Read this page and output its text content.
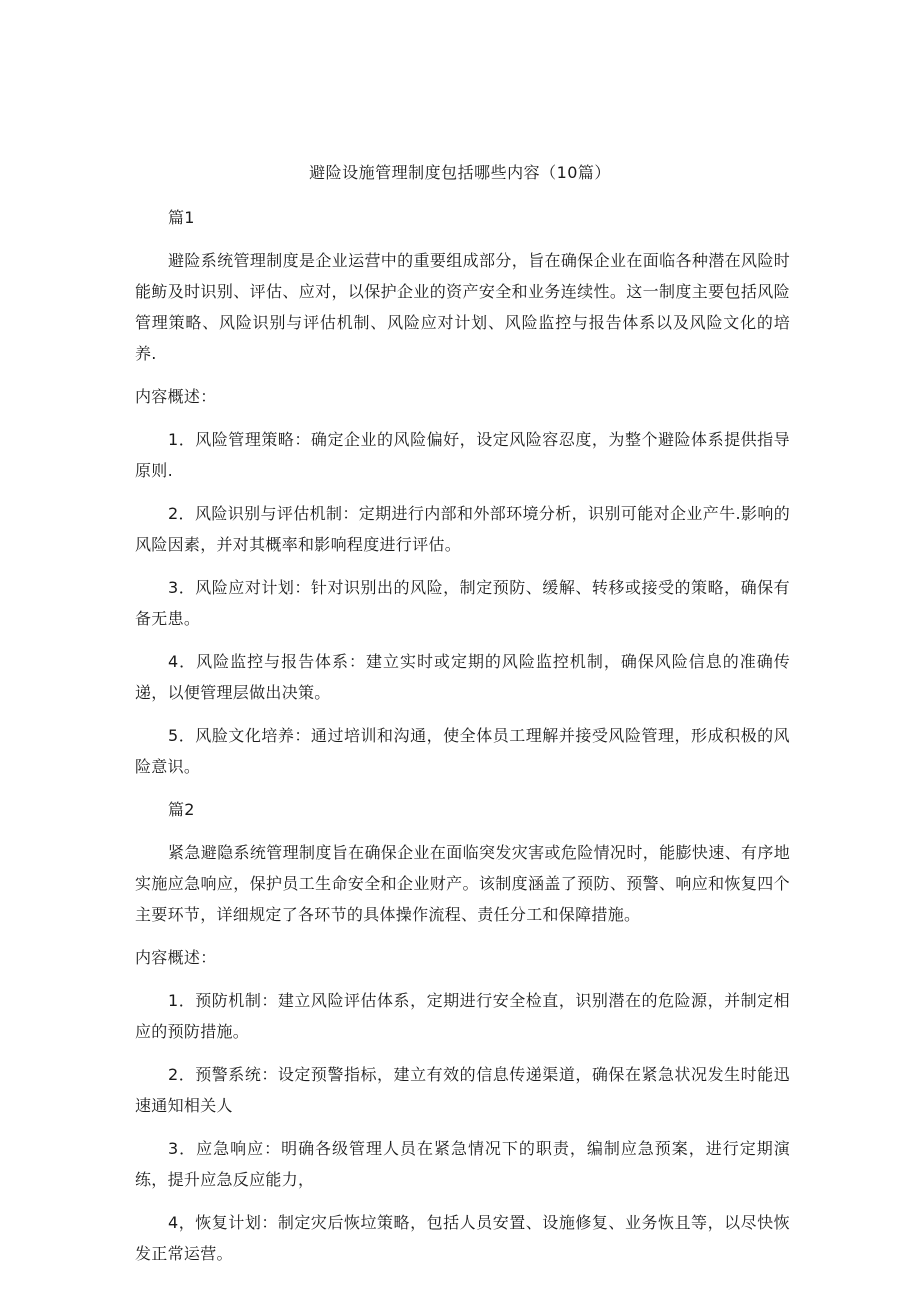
避险设施管理制度包括哪些内容（10篇）
篇1

避险系统管理制度是企业运营中的重要组成部分，旨在确保企业在面临各种潜在风险时能鲂及时识别、评估、应对，以保护企业的资产安全和业务连续性。这一制度主要包括风险管理策略、风险识别与评估机制、风险应对计划、风险监控与报告体系以及风险文化的培养.

内容概述：

1．风险管理策略：确定企业的风险偏好，设定风险容忍度，为整个避险体系提供指导原则.

2．风险识别与评估机制：定期进行内部和外部环境分析，识别可能对企业产牛.影响的风险因素，并对其概率和影响程度进行评估。

3．风险应对计划：针对识别出的风险，制定预防、缓解、转移或接受的策略，确保有备无患。

4．风险监控与报告体系：建立实时或定期的风险监控机制，确保风险信息的准确传递，以便管理层做出决策。

5．风脸文化培养：通过培训和沟通，使全体员工理解并接受风险管理，形成积极的风险意识。

篇2

紧急避隐系统管理制度旨在确保企业在面临突发灾害或危险情况时，能膨快速、有序地实施应急响应，保护员工生命安全和企业财产。该制度涵盖了预防、预警、响应和恢复四个主要环节，详细规定了各环节的具体操作流程、责任分工和保障措施。

内容概述：

1．预防机制：建立风险评估体系，定期进行安全检直，识别潜在的危险源，并制定相应的预防措施。

2．预警系统：设定预警指标，建立有效的信息传递渠道，确保在紧急状况发生时能迅速通知相关人

3．应急响应：明确各级管理人员在紧急情况下的职责，编制应急预案，进行定期演练，提升应急反应能力，

4，恢复计划：制定灾后恢垃策略，包括人员安置、设施修复、业务恢且等，以尽快恢发正常运营。
